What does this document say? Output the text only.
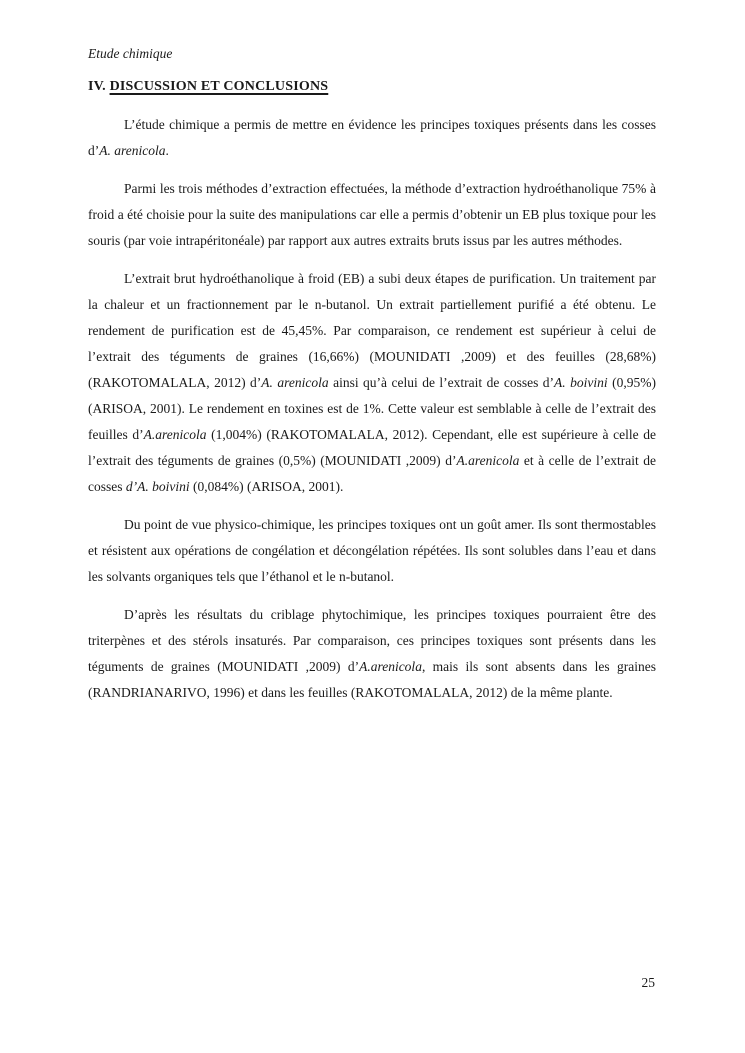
Etude chimique
IV. DISCUSSION ET CONCLUSIONS

L’étude chimique a permis de mettre en évidence les principes toxiques présents dans les cosses d’A. arenicola.

Parmi les trois méthodes d’extraction effectuées, la méthode d’extraction hydroéthanolique 75% à froid a été choisie pour la suite des manipulations car elle a permis d’obtenir un EB plus toxique pour les souris (par voie intrapéritonéale) par rapport aux autres extraits bruts issus par les autres méthodes.

L’extrait brut hydroéthanolique à froid (EB) a subi deux étapes de purification. Un traitement par la chaleur et un fractionnement par le n-butanol. Un extrait partiellement purifié a été obtenu. Le rendement de purification est de 45,45%. Par comparaison, ce rendement est supérieur à celui de l’extrait des téguments de graines (16,66%) (MOUNIDATI ,2009) et des feuilles (28,68%) (RAKOTOMALALA, 2012) d’A. arenicola ainsi qu’à celui de l’extrait de cosses d’A. boivini (0,95%) (ARISOA, 2001). Le rendement en toxines est de 1%. Cette valeur est semblable à celle de l’extrait des feuilles d’A.arenicola (1,004%) (RAKOTOMALALA, 2012). Cependant, elle est supérieure à celle de l’extrait des téguments de graines (0,5%) (MOUNIDATI ,2009) d’A.arenicola et à celle de l’extrait de cosses d’A. boivini (0,084%) (ARISOA, 2001).

Du point de vue physico-chimique, les principes toxiques ont un goût amer. Ils sont thermostables et résistent aux opérations de congélation et décongélation répétées. Ils sont solubles dans l’eau et dans les solvants organiques tels que l’éthanol et le n-butanol.

D’après les résultats du criblage phytochimique, les principes toxiques pourraient être des triterpènes et des stérols insaturés. Par comparaison, ces principes toxiques sont présents dans les téguments de graines (MOUNIDATI ,2009) d’A.arenicola, mais ils sont absents dans les graines (RANDRIANARIVO, 1996) et dans les feuilles (RAKOTOMALALA, 2012) de la même plante.

25
